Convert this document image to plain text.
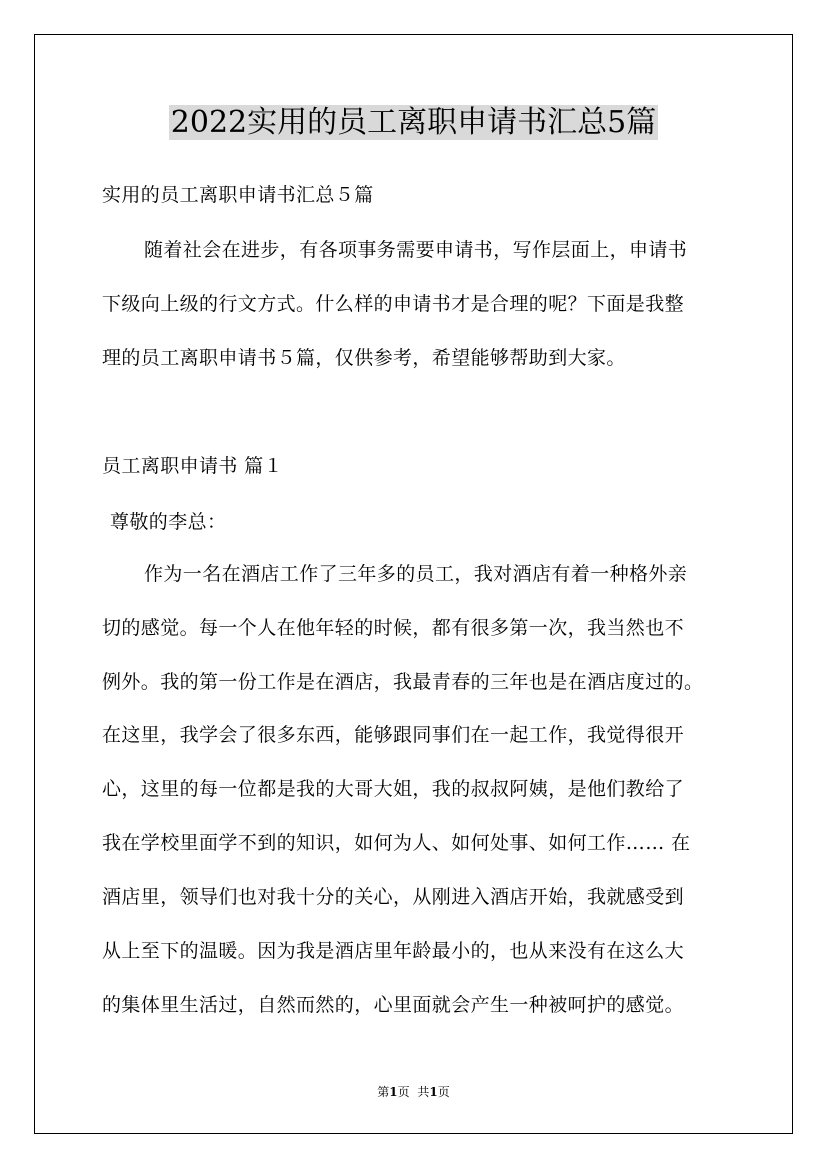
2022实用的员工离职申请书汇总5篇
实用的员工离职申请书汇总５篇
随着社会在进步，有各项事务需要申请书，写作层面上，申请书
下级向上级的行文方式。什么样的申请书才是合理的呢？下面是我整
理的员工离职申请书５篇，仅供参考，希望能够帮助到大家。
员工离职申请书 篇１
尊敬的李总：
作为一名在酒店工作了三年多的员工，我对酒店有着一种格外亲
切的感觉。每一个人在他年轻的时候，都有很多第一次，我当然也不
例外。我的第一份工作是在酒店，我最青春的三年也是在酒店度过的。
在这里，我学会了很多东西，能够跟同事们在一起工作，我觉得很开
心，这里的每一位都是我的大哥大姐，我的叔叔阿姨，是他们教给了
我在学校里面学不到的知识，如何为人、如何处事、如何工作…… 在
酒店里，领导们也对我十分的关心，从刚进入酒店开始，我就感受到
从上至下的温暖。因为我是酒店里年龄最小的，也从来没有在这么大
的集体里生活过，自然而然的，心里面就会产生一种被呵护的感觉。
第1页 共1页
